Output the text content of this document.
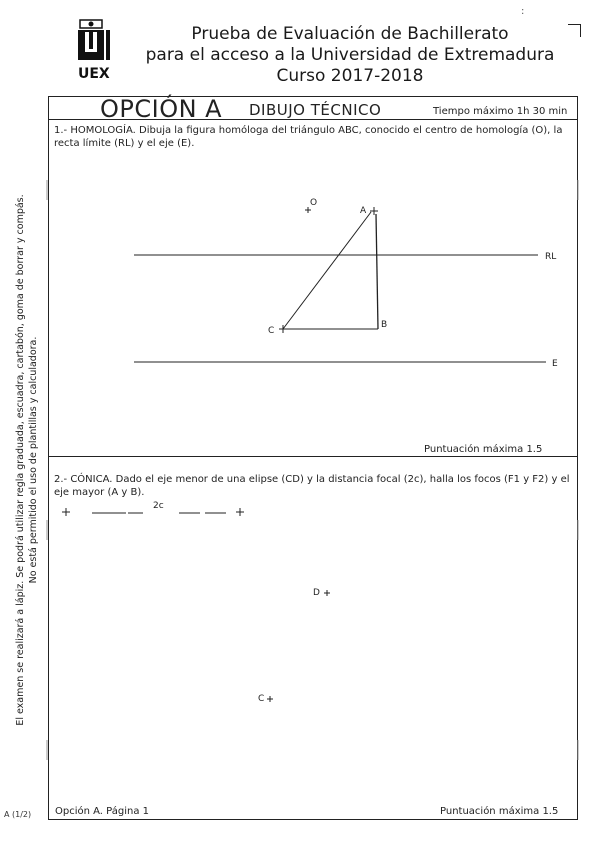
UEX
:
Prueba de Evaluación de Bachillerato
para el acceso a la Universidad de Extremadura
Curso 2017-2018
El examen se realizará a lápiz. Se podrá utilizar regla graduada, escuadra, cartabón, goma de borrar y compás. No está permitido el uso de plantillas y calculadora.
OPCIÓN A DIBUJO TÉCNICO	Tiempo máximo 1h 30 min
1.- HOMOLOGÍA. Dibuja la figura homóloga del triángulo ABC, conocido el centro de homología (O), la recta límite (RL) y el eje (E).
Puntuación máxima 1.5
2.- CÓNICA. Dado el eje menor de una elipse (CD) y la distancia focal (2c), halla los focos (F1 y F2) y el eje mayor (A y B).
Opción A. Página 1	Puntuación máxima 1.5
A (1/2)
O
A
C
B
RL
E
2c
D
C
